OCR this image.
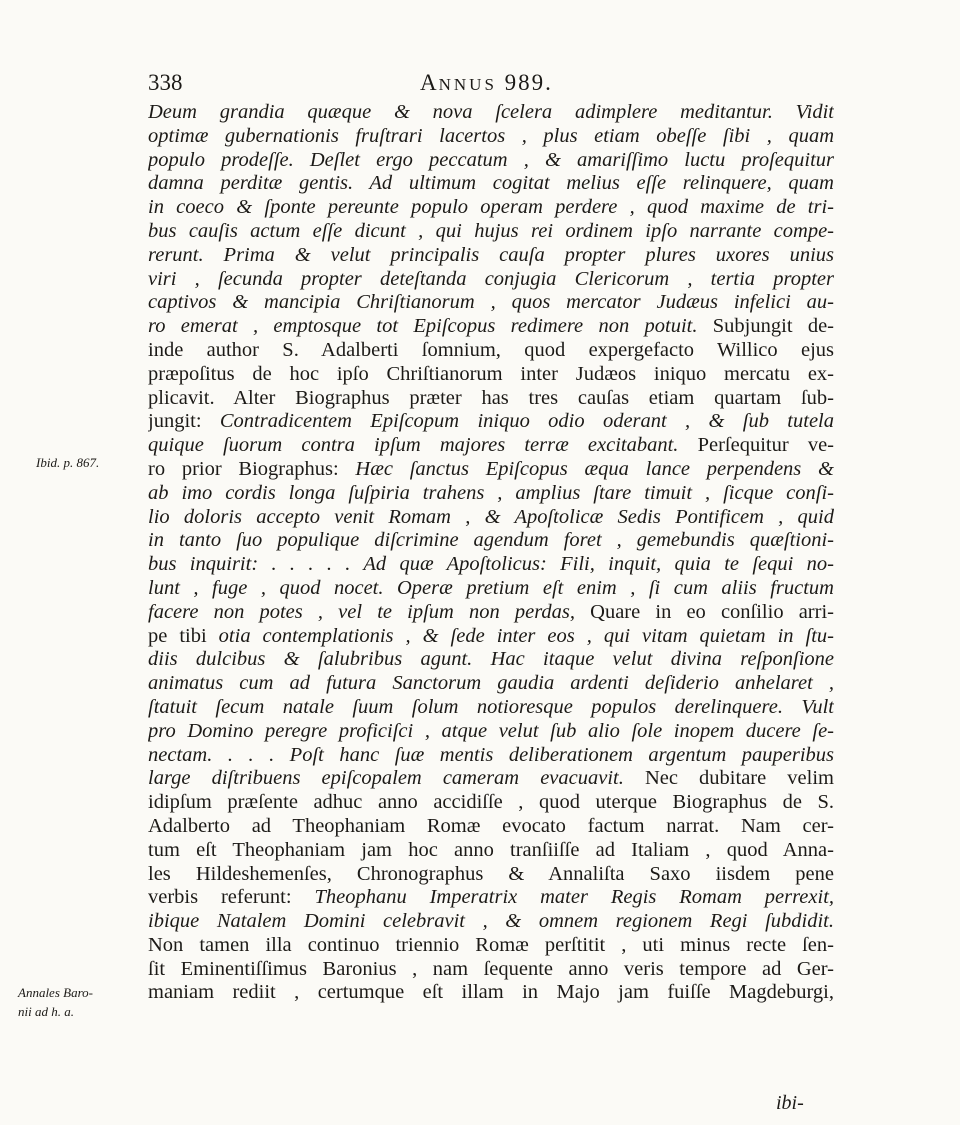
338	ANNUS 989.
Ibid. p. 867.
Annales Baro-
nii ad h. a.
Deum grandia quæque & nova ſcelera adimplere meditantur. Vidit
optimæ gubernationis fruſtrari lacertos , plus etiam obeſſe ſibi , quam
populo prodeſſe. Deſlet ergo peccatum , & amariſſimo luctu proſequitur
damna perditæ gentis. Ad ultimum cogitat melius eſſe relinquere, quam
in coeco & ſponte pereunte populo operam perdere , quod maxime de tri-
bus cauſis actum eſſe dicunt , qui hujus rei ordinem ipſo narrante compe-
rerunt. Prima & velut principalis cauſa propter plures uxores unius
viri , ſecunda propter deteſtanda conjugia Clericorum , tertia propter
captivos & mancipia Chriſtianorum , quos mercator Judæus infelici au-
ro emerat , emptosque tot Epiſcopus redimere non potuit. Subjungit de-
inde author S. Adalberti ſomnium, quod expergefacto Willico ejus
præpoſitus de hoc ipſo Chriſtianorum inter Judæos iniquo mercatu ex-
plicavit. Alter Biographus præter has tres cauſas etiam quartam ſub-
jungit: Contradicentem Epiſcopum iniquo odio oderant , & ſub tutela
quique ſuorum contra ipſum majores terræ excitabant. Perſequitur ve-
ro prior Biographus: Hæc ſanctus Epiſcopus æqua lance perpendens &
ab imo cordis longa ſuſpiria trahens , amplius ſtare timuit , ſicque conſi-
lio doloris accepto venit Romam , & Apoſtolicæ Sedis Pontificem , quid
in tanto ſuo populique diſcrimine agendum foret , gemebundis quæſtioni-
bus inquirit: . . . . . Ad quæ Apoſtolicus: Fili, inquit, quia te ſequi no-
lunt , fuge , quod nocet. Operæ pretium eſt enim , ſi cum aliis fructum
facere non potes , vel te ipſum non perdas, Quare in eo conſilio arri-
pe tibi otia contemplationis , & ſede inter eos , qui vitam quietam in ſtu-
diis dulcibus & ſalubribus agunt. Hac itaque velut divina reſponſione
animatus cum ad futura Sanctorum gaudia ardenti deſiderio anhelaret ,
ſtatuit ſecum natale ſuum ſolum notioresque populos derelinquere. Vult
pro Domino peregre proficiſci , atque velut ſub alio ſole inopem ducere ſe-
nectam. . . . Poſt hanc ſuæ mentis deliberationem argentum pauperibus
large diſtribuens epiſcopalem cameram evacuavit. Nec dubitare velim
idipſum præſente adhuc anno accidiſſe , quod uterque Biographus de S.
Adalberto ad Theophaniam Romæ evocato factum narrat. Nam cer-
tum eſt Theophaniam jam hoc anno tranſiiſſe ad Italiam , quod Anna-
les Hildeshemenſes, Chronographus & Annaliſta Saxo iisdem pene
verbis referunt: Theophanu Imperatrix mater Regis Romam perrexit,
ibique Natalem Domini celebravit , & omnem regionem Regi ſubdidit.
Non tamen illa continuo triennio Romæ perſtitit , uti minus recte ſen-
ſit Eminentiſſimus Baronius , nam ſequente anno veris tempore ad Ger-
maniam rediit , certumque eſt illam in Majo jam fuiſſe Magdeburgi,
ibi-
